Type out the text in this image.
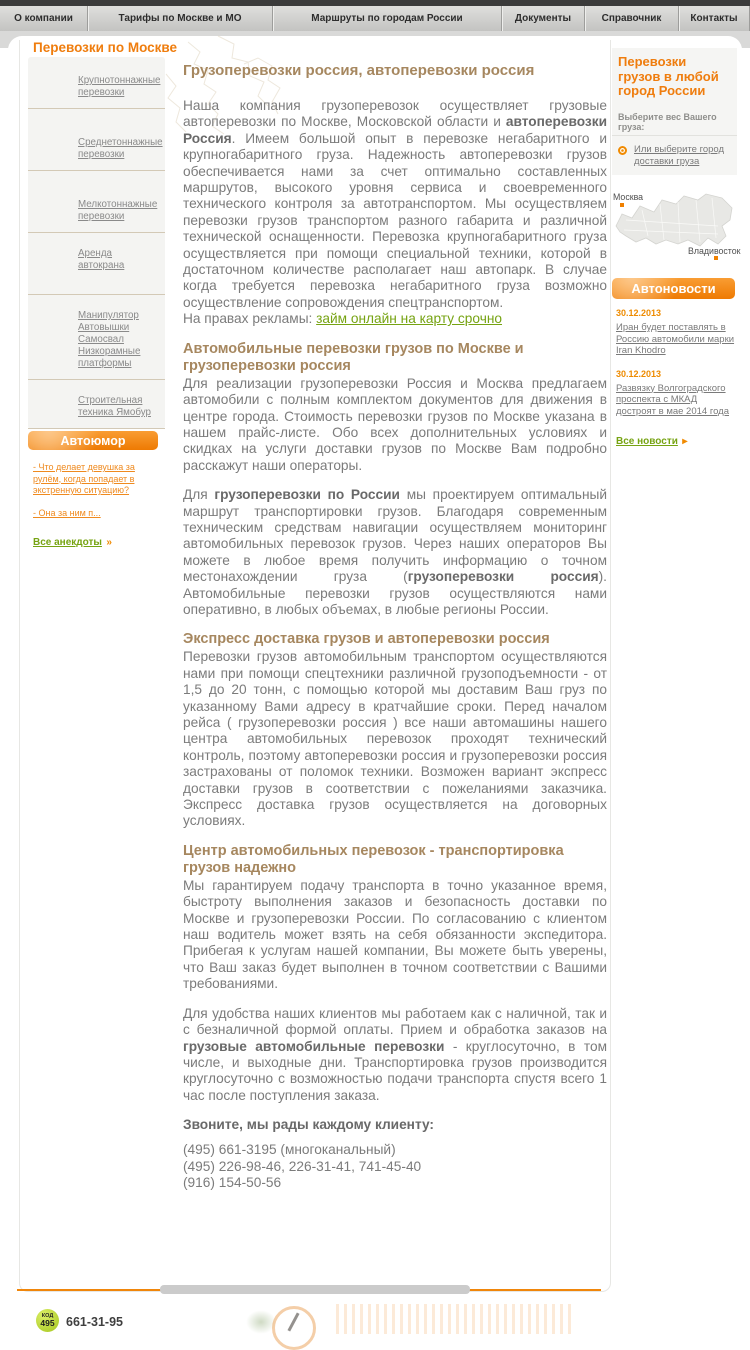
О компании	Тарифы по Москве и МО	Маршруты по городам России	Документы	Справочник	Контакты
Перевозки по Москве
Крупнотоннажные перевозки
Среднетоннажные перевозки
Мелкотоннажные перевозки
Аренда автокрана
Манипулятор Автовышки Самосвал Низкорамные платформы
Строительная техника Ямобур
Автоюмор
- Что делает девушка за рулём, когда попадает в экстренную ситуацию?
- Она за ним п...
Все анекдоты »
Грузоперевозки россия, автоперевозки россия

Наша компания грузоперевозок осуществляет грузовые автоперевозки по Москве, Московской области и автоперевозки Россия. Имеем большой опыт в перевозке негабаритного и крупногабаритного груза. Надежность автоперевозки грузов обеспечивается нами за счет оптимально составленных маршрутов, высокого уровня сервиса и своевременного технического контроля за автотранспортом. Мы осуществляем перевозки грузов транспортом разного габарита и различной технической оснащенности. Перевозка крупногабаритного груза осуществляется при помощи специальной техники, которой в достаточном количестве располагает наш автопарк. В случае когда требуется перевозка негабаритного груза возможно осуществление сопровождения спецтранспортом.

На правах рекламы: займ онлайн на карту срочно

Автомобильные перевозки грузов по Москве и грузоперевозки россия

Для реализации грузоперевозки Россия и Москва предлагаем автомобили с полным комплектом документов для движения в центре города. Стоимость перевозки грузов по Москве указана в нашем прайс-листе. Обо всех дополнительных условиях и скидках на услуги доставки грузов по Москве Вам подробно расскажут наши операторы.

Для грузоперевозки по России мы проектируем оптимальный маршрут транспортировки грузов. Благодаря современным техническим средствам навигации осуществляем мониторинг автомобильных перевозок грузов. Через наших операторов Вы можете в любое время получить информацию о точном местонахождении груза (грузоперевозки россия). Автомобильные перевозки грузов осуществляются нами оперативно, в любых объемах, в любые регионы России.

Экспресс доставка грузов и автоперевозки россия

Перевозки грузов автомобильным транспортом осуществляются нами при помощи спецтехники различной грузоподъемности - от 1,5 до 20 тонн, с помощью которой мы доставим Ваш груз по указанному Вами адресу в кратчайшие сроки. Перед началом рейса ( грузоперевозки россия ) все наши автомашины нашего центра автомобильных перевозок проходят технический контроль, поэтому автоперевозки россия и грузоперевозки россия застрахованы от поломок техники. Возможен вариант экспресс доставки грузов в соответствии с пожеланиями заказчика. Экспресс доставка грузов осуществляется на договорных условиях.

Центр автомобильных перевозок - транспортировка грузов надежно

Мы гарантируем подачу транспорта в точно указанное время, быстроту выполнения заказов и безопасность доставки по Москве и грузоперевозки России. По согласованию с клиентом наш водитель может взять на себя обязанности экспедитора. Прибегая к услугам нашей компании, Вы можете быть уверены, что Ваш заказ будет выполнен в точном соответствии с Вашими требованиями.

Для удобства наших клиентов мы работаем как с наличной, так и с безналичной формой оплаты. Прием и обработка заказов на грузовые автомобильные перевозки - круглосуточно, в том числе, и выходные дни. Транспортировка грузов производится круглосуточно с возможностью подачи транспорта спустя всего 1 час после поступления заказа.

Звоните, мы рады каждому клиенту:
(495) 661-3195 (многоканальный)
(495) 226-98-46, 226-31-41, 741-45-40
(916) 154-50-56
Перевозки грузов в любой город России
Выберите вес Вашего груза:
Или выберите город доставки груза
Москва
Владивосток
Автоновости
30.12.2013
Иран будет поставлять в Россию автомобили марки Iran Khodro
30.12.2013
Развязку Волгоградского проспекта с МКАД достроят в мае 2014 года
Все новости ▸
КОД
495 661-31-95
